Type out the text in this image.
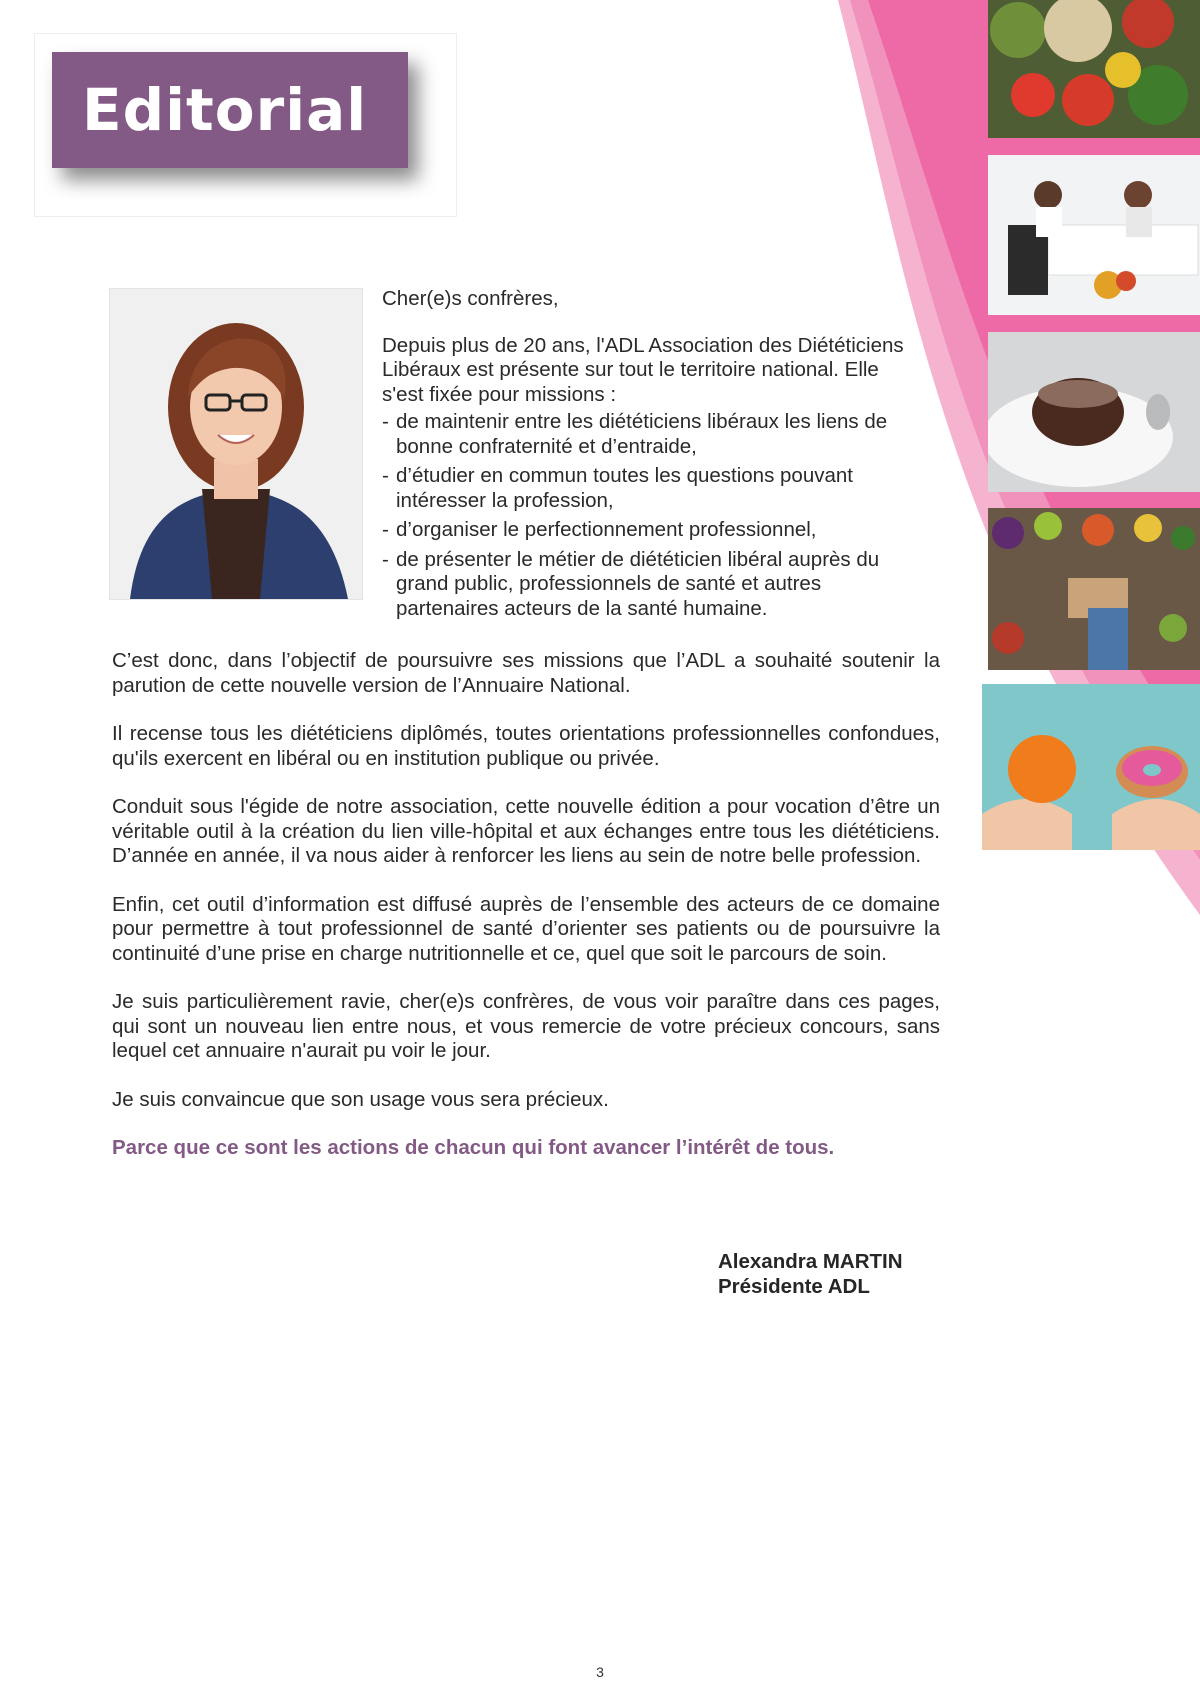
Editorial

Cher(e)s confrères,

Depuis plus de 20 ans, l'ADL Association des Diététiciens Libéraux est présente sur tout le territoire national. Elle s'est fixée pour missions :

- de maintenir entre les diététiciens libéraux les liens de bonne confraternité et d’entraide,
- d’étudier en commun toutes les questions pouvant intéresser la profession,
- d’organiser le perfectionnement professionnel,
- de présenter le métier de diététicien libéral auprès du grand public, professionnels de santé et autres partenaires acteurs de la santé humaine.

C’est donc, dans l’objectif de poursuivre ses missions que l’ADL a souhaité soutenir la parution de cette nouvelle version de l’Annuaire National.

Il recense tous les diététiciens diplômés, toutes orientations professionnelles confondues, qu'ils exercent en libéral ou en institution publique ou privée.

Conduit sous l'égide de notre association, cette nouvelle édition a pour vocation d’être un véritable outil à la création du lien ville-hôpital et aux échanges entre tous les diététiciens. D’année en année, il va nous aider à renforcer les liens au sein de notre belle profession.

Enfin, cet outil d’information est diffusé auprès de l’ensemble des acteurs de ce domaine pour permettre à tout professionnel de santé d’orienter ses patients ou de poursuivre la continuité d’une prise en charge nutritionnelle et ce, quel que soit le parcours de soin.

Je suis particulièrement ravie, cher(e)s confrères, de vous voir paraître dans ces pages, qui sont un nouveau lien entre nous, et vous remercie de votre précieux concours, sans lequel cet annuaire n'aurait pu voir le jour.

Je suis convaincue que son usage vous sera précieux.

Parce que ce sont les actions de chacun qui font avancer l’intérêt de tous.

Alexandra MARTIN
Présidente ADL
3
